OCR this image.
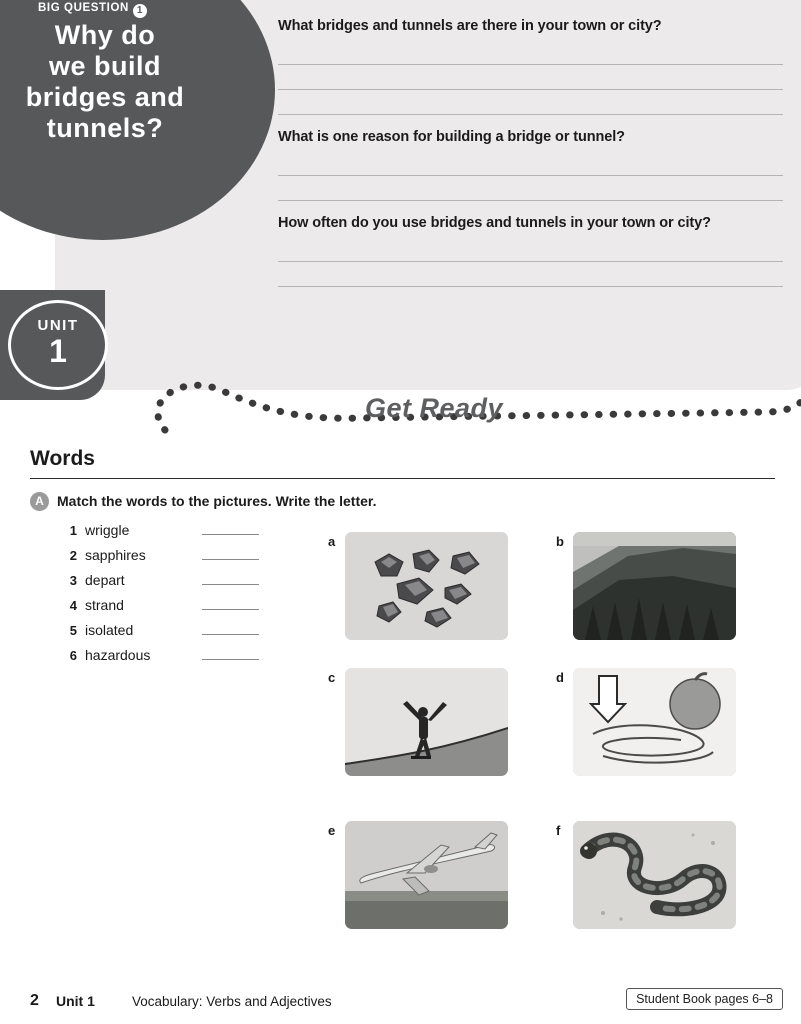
What bridges and tunnels are there in your town or city?
What is one reason for building a bridge or tunnel?
How often do you use bridges and tunnels in your town or city?
BIG QUESTION 1
Why do
we build
bridges and
tunnels?
UNIT
1
Get Ready
Words
A Match the words to the pictures. Write the letter.
1 wriggle
2 sapphires
3 depart
4 strand
5 isolated
6 hazardous
a	b
c	d
e	f
2 Unit 1	Vocabulary: Verbs and Adjectives	Student Book pages 6–8
